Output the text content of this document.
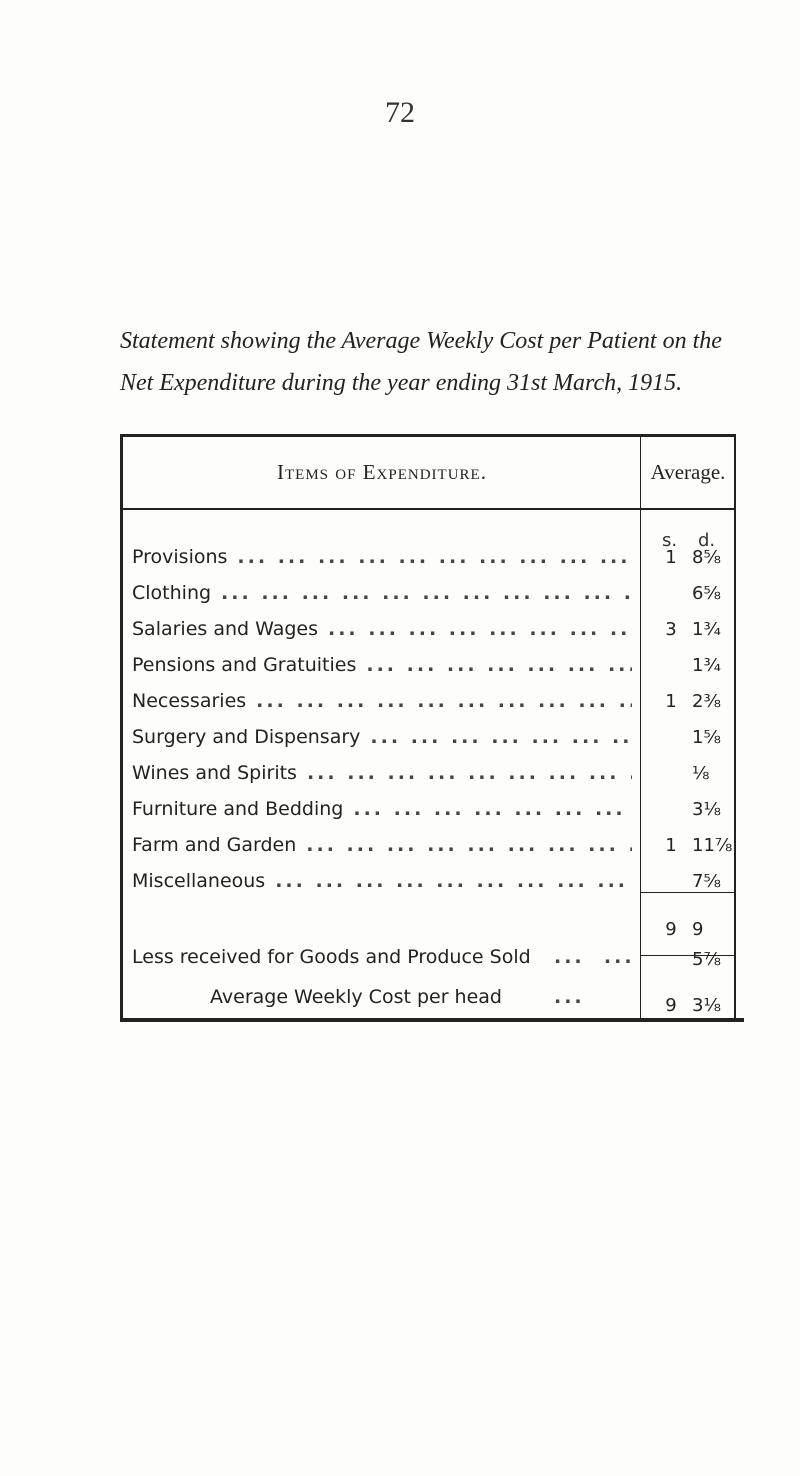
72
Statement showing the Average Weekly Cost per Patient on the
Net Expenditure during the year ending 31st March, 1915.
Items of Expenditure.	Average.
s. d.
Provisions ...	1 8⅝
Clothing ...	6⅝
Salaries and Wages ...	3 1¾
Pensions and Gratuities ...	1¾
Necessaries ...	1 2⅜
Surgery and Dispensary ...	1⅝
Wines and Spirits ...	⅛
Furniture and Bedding ...	3⅛
Farm and Garden ...	1 11⅞
Miscellaneous ...	7⅝
9 9
Less received for Goods and Produce Sold ...  ...	5⅞
Average Weekly Cost per head	...	9 3⅛
